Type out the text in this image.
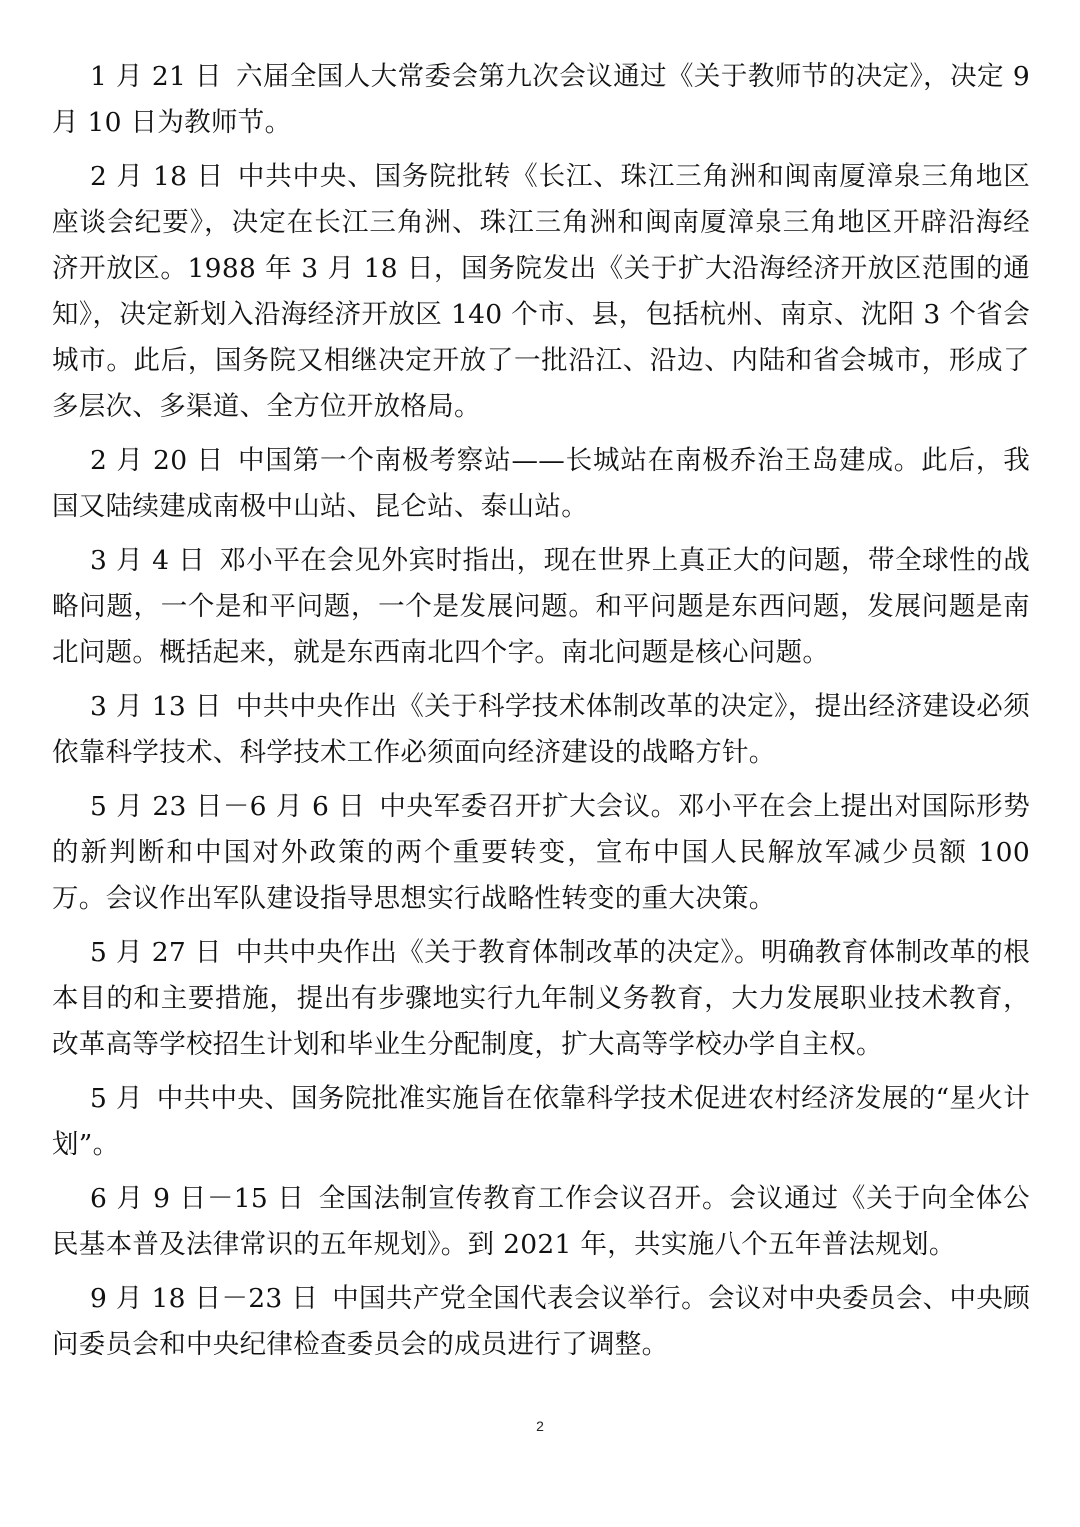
1 月 21 日 六届全国人大常委会第九次会议通过《关于教师节的决定》，决定 9 月 10 日为教师节。

2 月 18 日 中共中央、国务院批转《长江、珠江三角洲和闽南厦漳泉三角地区座谈会纪要》，决定在长江三角洲、珠江三角洲和闽南厦漳泉三角地区开辟沿海经济开放区。1988 年 3 月 18 日，国务院发出《关于扩大沿海经济开放区范围的通知》，决定新划入沿海经济开放区 140 个市、县，包括杭州、南京、沈阳 3 个省会城市。此后，国务院又相继决定开放了一批沿江、沿边、内陆和省会城市，形成了多层次、多渠道、全方位开放格局。

2 月 20 日 中国第一个南极考察站——长城站在南极乔治王岛建成。此后，我国又陆续建成南极中山站、昆仑站、泰山站。

3 月 4 日 邓小平在会见外宾时指出，现在世界上真正大的问题，带全球性的战略问题，一个是和平问题，一个是发展问题。和平问题是东西问题，发展问题是南北问题。概括起来，就是东西南北四个字。南北问题是核心问题。

3 月 13 日 中共中央作出《关于科学技术体制改革的决定》，提出经济建设必须依靠科学技术、科学技术工作必须面向经济建设的战略方针。

5 月 23 日－6 月 6 日 中央军委召开扩大会议。邓小平在会上提出对国际形势的新判断和中国对外政策的两个重要转变，宣布中国人民解放军减少员额 100 万。会议作出军队建设指导思想实行战略性转变的重大决策。

5 月 27 日 中共中央作出《关于教育体制改革的决定》。明确教育体制改革的根本目的和主要措施，提出有步骤地实行九年制义务教育，大力发展职业技术教育，改革高等学校招生计划和毕业生分配制度，扩大高等学校办学自主权。

5 月 中共中央、国务院批准实施旨在依靠科学技术促进农村经济发展的“星火计划”。

6 月 9 日－15 日 全国法制宣传教育工作会议召开。会议通过《关于向全体公民基本普及法律常识的五年规划》。到 2021 年，共实施八个五年普法规划。

9 月 18 日－23 日 中国共产党全国代表会议举行。会议对中央委员会、中央顾问委员会和中央纪律检查委员会的成员进行了调整。

2
